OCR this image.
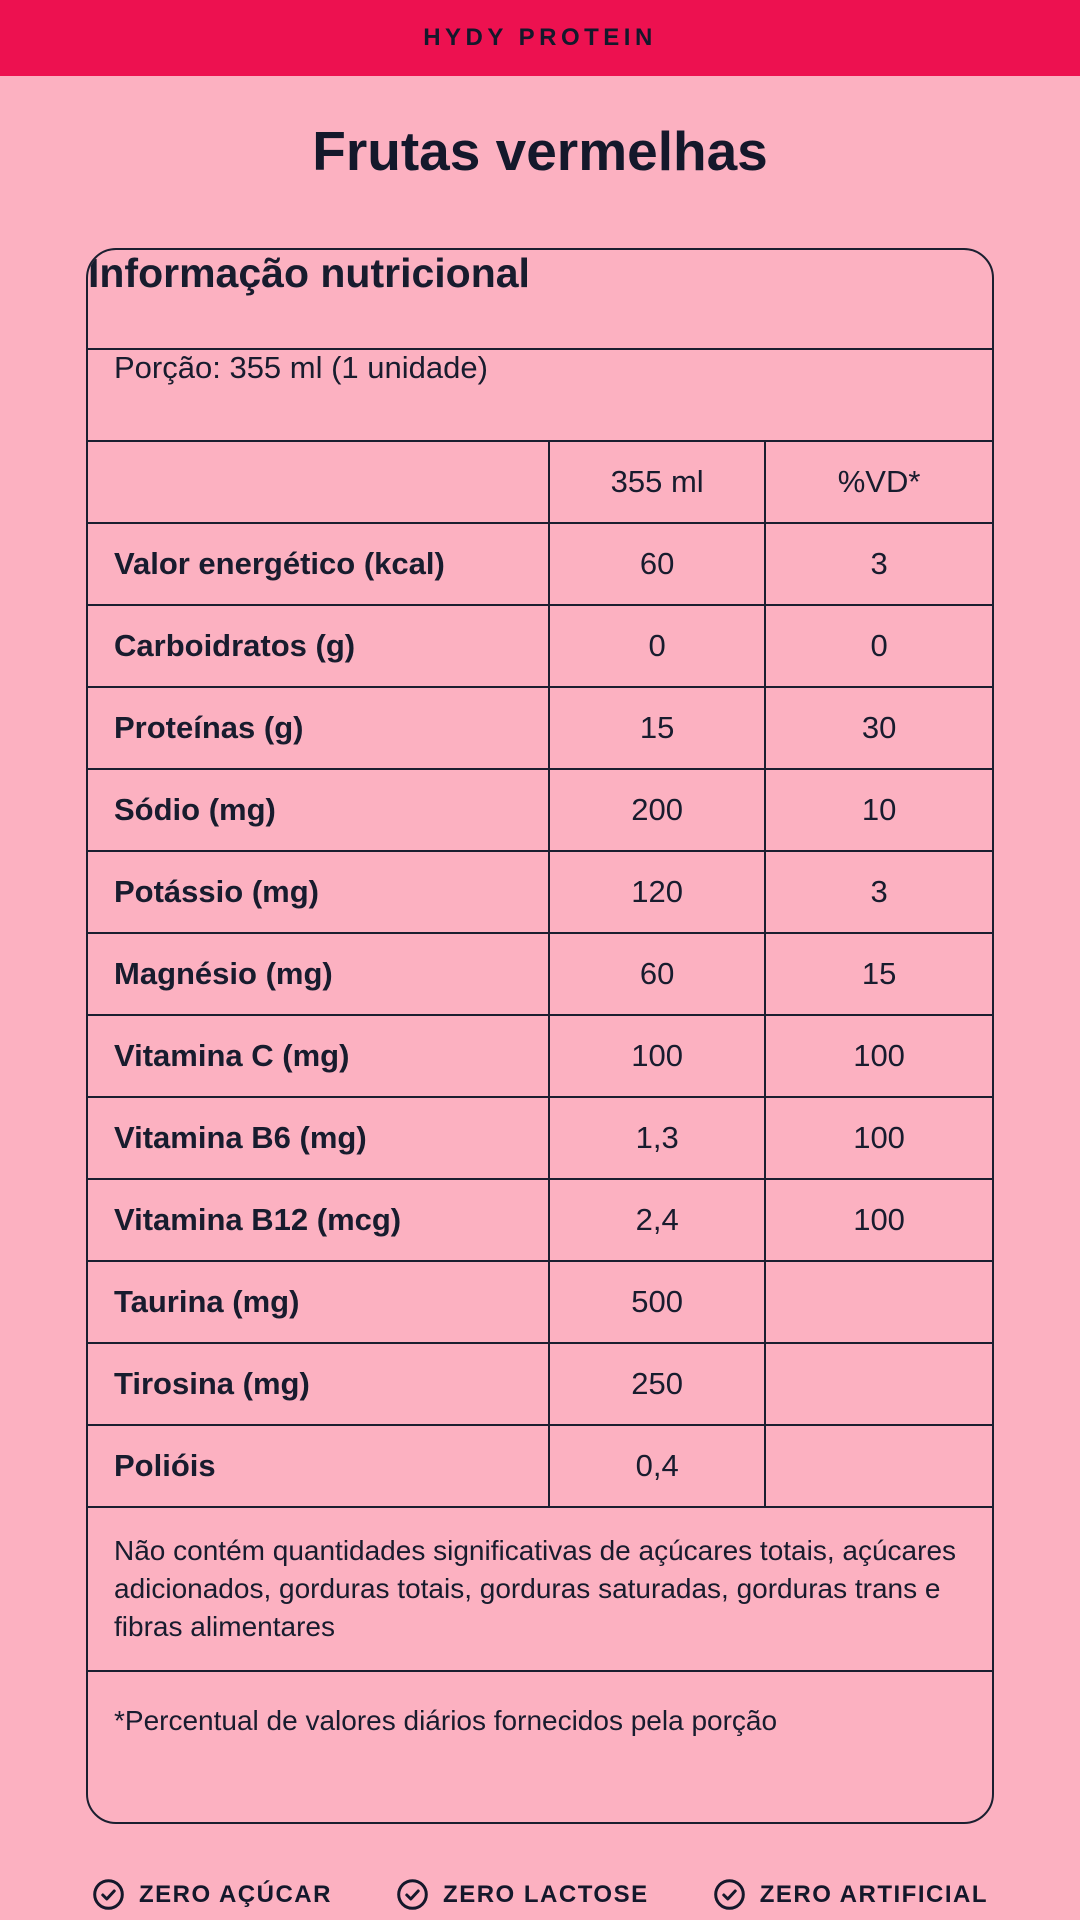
HYDY PROTEIN
Frutas vermelhas
Informação nutricional
Porção: 355 ml (1 unidade)
355 ml	%VD*
Valor energético (kcal)	60	3
Carboidratos (g)	0	0
Proteínas (g)	15	30
Sódio (mg)	200	10
Potássio (mg)	120	3
Magnésio (mg)	60	15
Vitamina C (mg)	100	100
Vitamina B6 (mg)	1,3	100
Vitamina B12 (mcg)	2,4	100
Taurina (mg)	500
Tirosina (mg)	250
Polióis	0,4
Não contém quantidades significativas de açúcares totais, açúcares adicionados, gorduras totais, gorduras saturadas, gorduras trans e fibras alimentares
*Percentual de valores diários fornecidos pela porção
ZERO AÇÚCAR	ZERO LACTOSE	ZERO ARTIFICIAL
